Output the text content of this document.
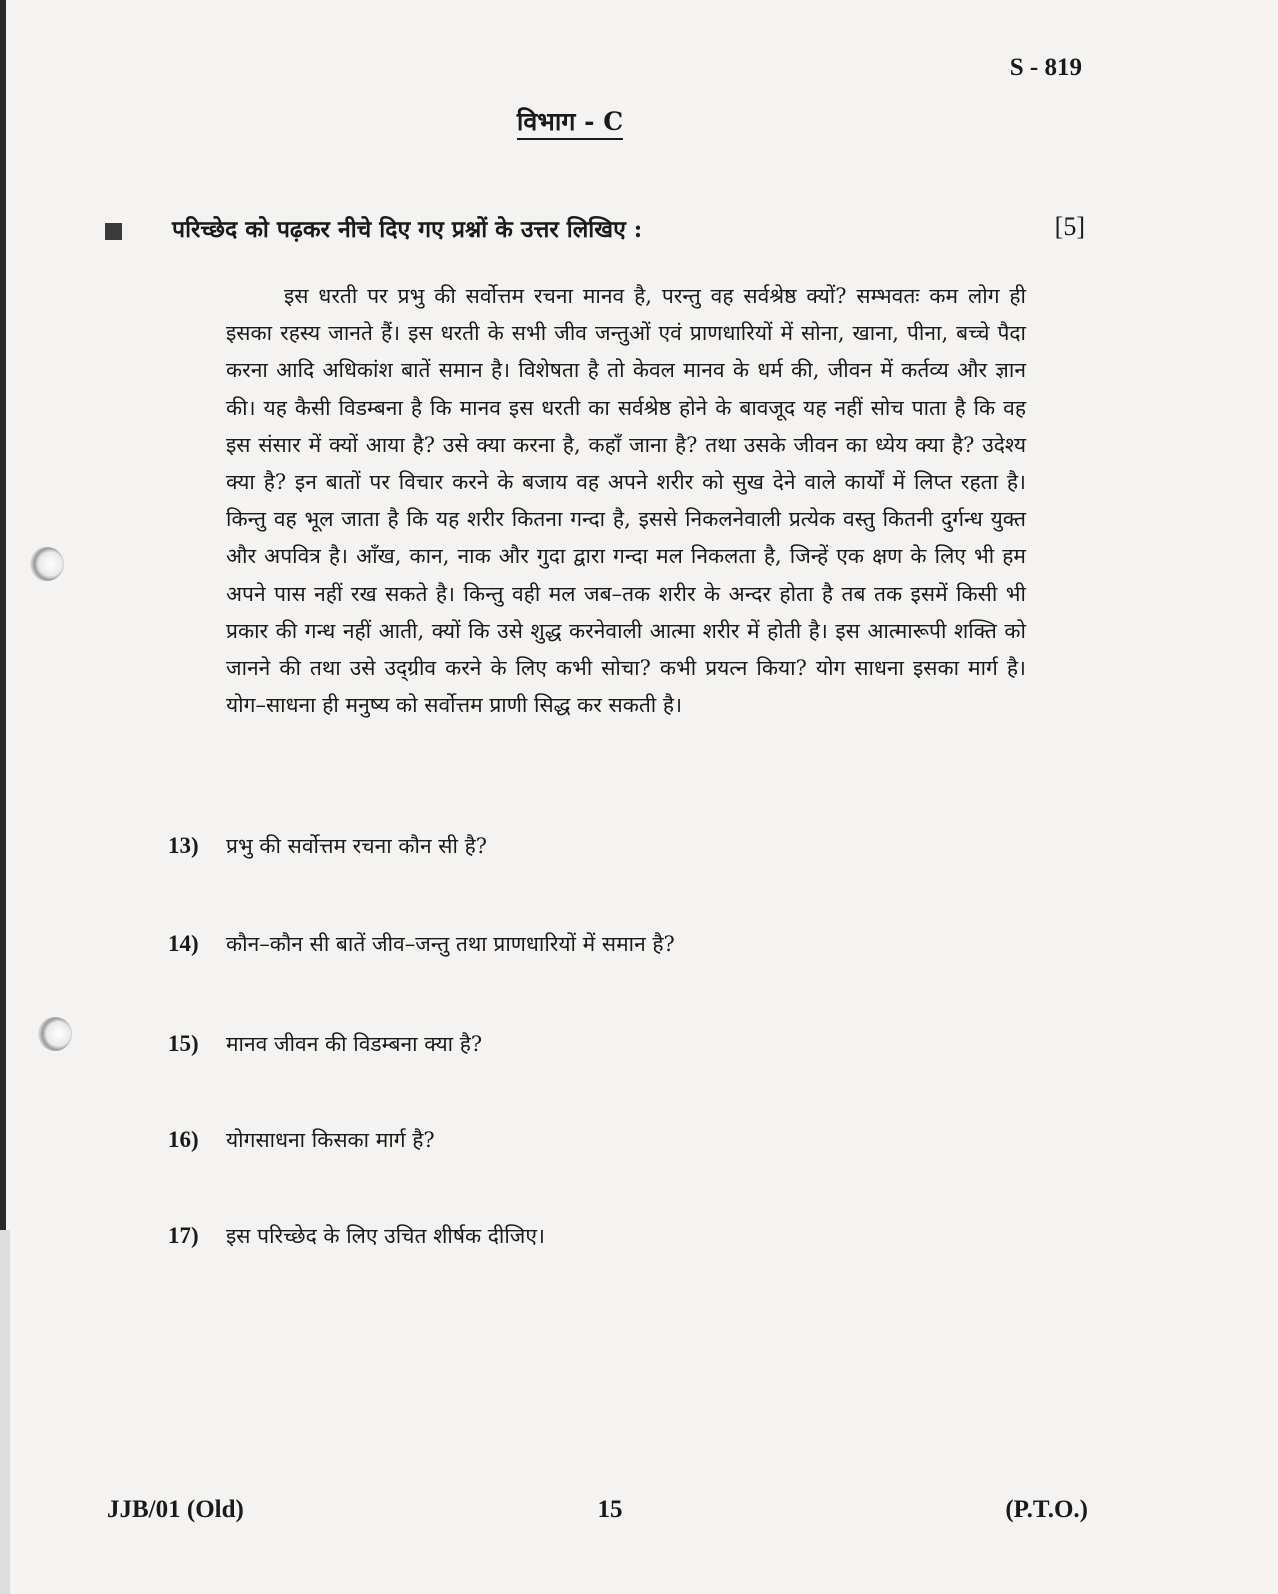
S - 819
विभाग - C
परिच्छेद को पढ़कर नीचे दिए गए प्रश्नों के उत्तर लिखिए :	[5]

इस धरती पर प्रभु की सर्वोत्तम रचना मानव है, परन्तु वह सर्वश्रेष्ठ क्यों? सम्भवतः कम लोग ही इसका रहस्य जानते हैं। इस धरती के सभी जीव जन्तुओं एवं प्राणधारियों में सोना, खाना, पीना, बच्चे पैदा करना आदि अधिकांश बातें समान है। विशेषता है तो केवल मानव के धर्म की, जीवन में कर्तव्य और ज्ञान की। यह कैसी विडम्बना है कि मानव इस धरती का सर्वश्रेष्ठ होने के बावजूद यह नहीं सोच पाता है कि वह इस संसार में क्यों आया है? उसे क्या करना है, कहाँ जाना है? तथा उसके जीवन का ध्येय क्या है? उदेश्य क्या है? इन बातों पर विचार करने के बजाय वह अपने शरीर को सुख देने वाले कार्यों में लिप्त रहता है। किन्तु वह भूल जाता है कि यह शरीर कितना गन्दा है, इससे निकलनेवाली प्रत्येक वस्तु कितनी दुर्गन्ध युक्त और अपवित्र है। आँख, कान, नाक और गुदा द्वारा गन्दा मल निकलता है, जिन्हें एक क्षण के लिए भी हम अपने पास नहीं रख सकते है। किन्तु वही मल जब–तक शरीर के अन्दर होता है तब तक इसमें किसी भी प्रकार की गन्ध नहीं आती, क्यों कि उसे शुद्ध करनेवाली आत्मा शरीर में होती है। इस आत्मारूपी शक्ति को जानने की तथा उसे उद्ग्रीव करने के लिए कभी सोचा? कभी प्रयत्न किया? योग साधना इसका मार्ग है। योग–साधना ही मनुष्य को सर्वोत्तम प्राणी सिद्ध कर सकती है।

13) प्रभु की सर्वोत्तम रचना कौन सी है?
14) कौन–कौन सी बातें जीव–जन्तु तथा प्राणधारियों में समान है?
15) मानव जीवन की विडम्बना क्या है?
16) योगसाधना किसका मार्ग है?
17) इस परिच्छेद के लिए उचित शीर्षक दीजिए।
JJB/01 (Old)	15	(P.T.O.)
